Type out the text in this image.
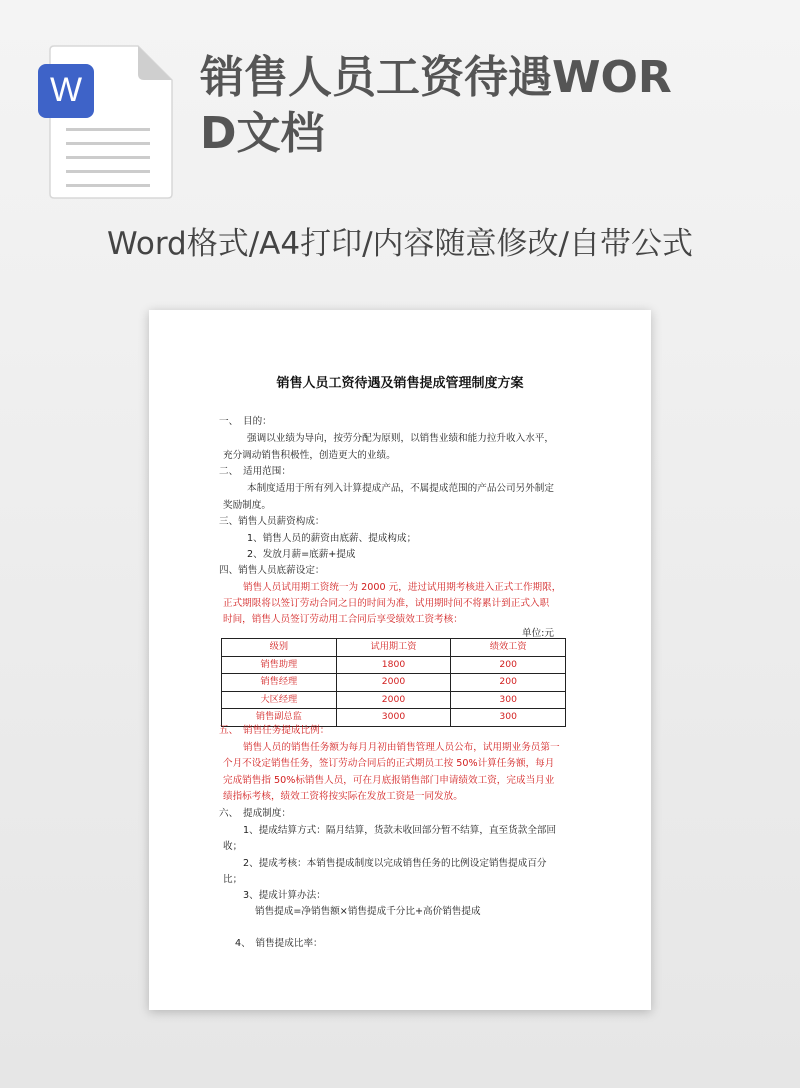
W	销售人员工资待遇WORD文档
Word格式/A4打印/内容随意修改/自带公式
销售人员工资待遇及销售提成管理制度方案
一、　目的：
强调以业绩为导向，按劳分配为原则，以销售业绩和能力拉升收入水平，
充分调动销售积极性，创造更大的业绩。
二、　适用范围：
本制度适用于所有列入计算提成产品，不属提成范围的产品公司另外制定
奖励制度。
三、销售人员薪资构成：
1、销售人员的薪资由底薪、提成构成；
2、发放月薪=底薪+提成
四、销售人员底薪设定：
销售人员试用期工资统一为 2000 元，进过试用期考核进入正式工作期限，
正式期限将以签订劳动合同之日的时间为准，试用期时间不将累计到正式入职
时间，销售人员签订劳动用工合同后享受绩效工资考核：
单位:元
级别	试用期工资	绩效工资
销售助理	1800	200
销售经理	2000	200
大区经理	2000	300
销售副总监	3000	300
五、　销售任务提成比例：
销售人员的销售任务额为每月月初由销售管理人员公布，试用期业务员第一
个月不设定销售任务，签订劳动合同后的正式期员工按 50%计算任务额，每月
完成销售指 50%标销售人员，可在月底报销售部门申请绩效工资，完成当月业
绩指标考核，绩效工资将按实际在发放工资是一同发放。
六、　提成制度：
1、提成结算方式：隔月结算，货款未收回部分暂不结算，直至货款全部回
收；
2、提成考核：本销售提成制度以完成销售任务的比例设定销售提成百分
比；
3、提成计算办法：
销售提成=净销售额×销售提成千分比+高价销售提成
4、　销售提成比率：
